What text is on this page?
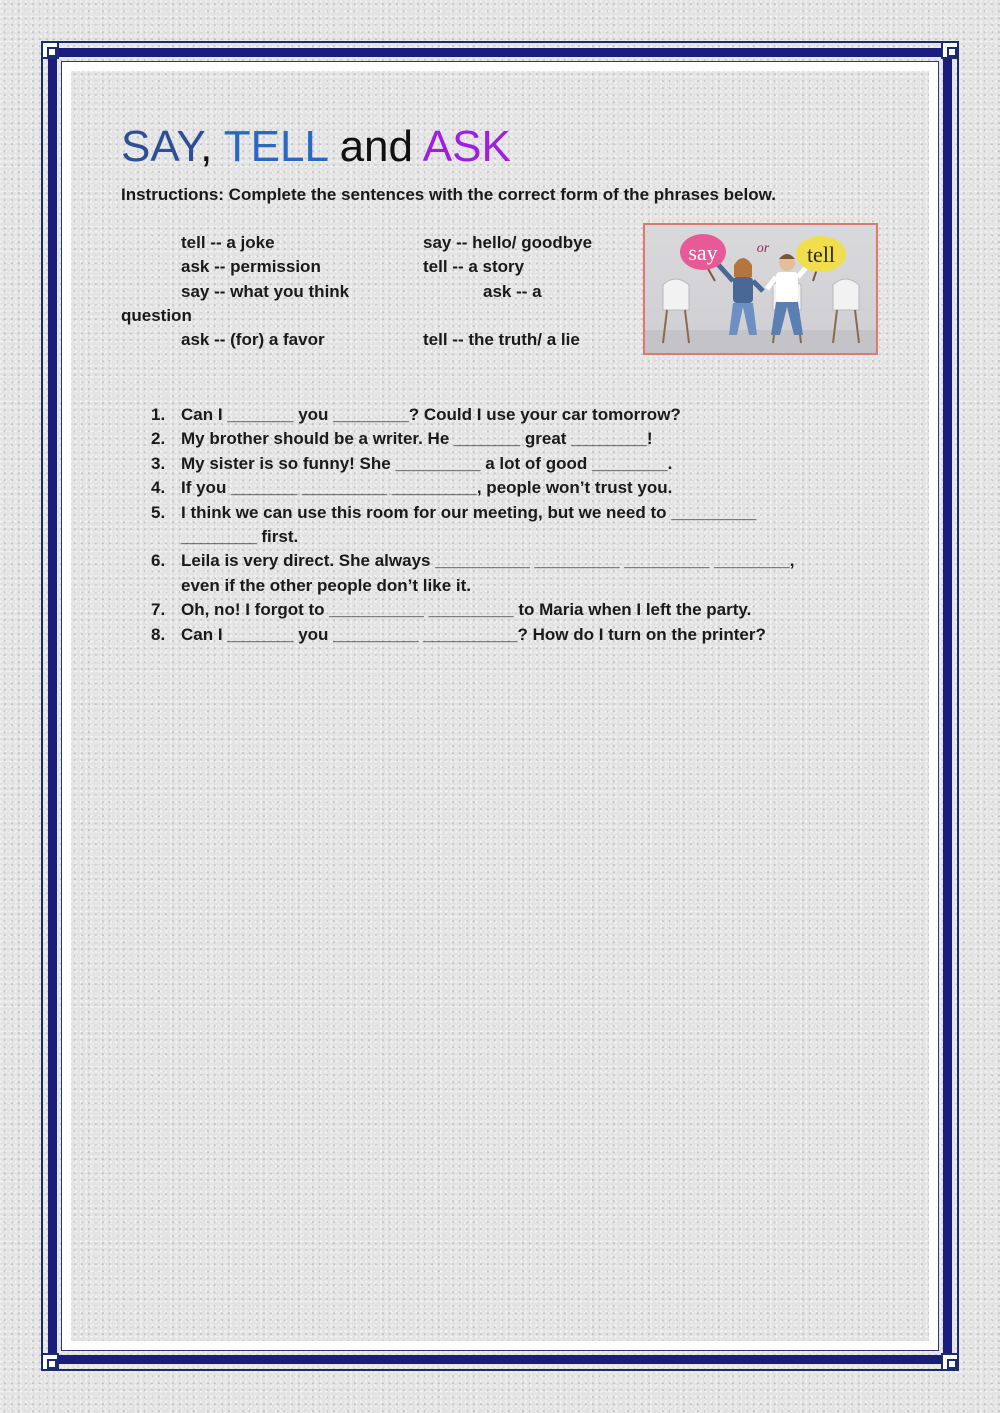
SAY, TELL and ASK

Instructions: Complete the sentences with the correct form of the phrases below.

tell -- a joke
ask -- permission
say -- what you think
question
ask -- (for) a favor
say -- hello/ goodbye
tell -- a story
ask -- a
tell -- the truth/ a lie
say	or tell
1. Can I _______ you ________? Could I use your car tomorrow?
2. My brother should be a writer. He _______ great ________!
3. My sister is so funny! She _________ a lot of good ________.
4. If you _______ _________ _________, people won’t trust you.
5. I think we can use this room for our meeting, but we need to _________
________ first.
6. Leila is very direct. She always __________ _________ _________ ________,
even if the other people don’t like it.
7. Oh, no! I forgot to __________ _________ to Maria when I left the party.
8. Can I _______ you _________ __________? How do I turn on the printer?
